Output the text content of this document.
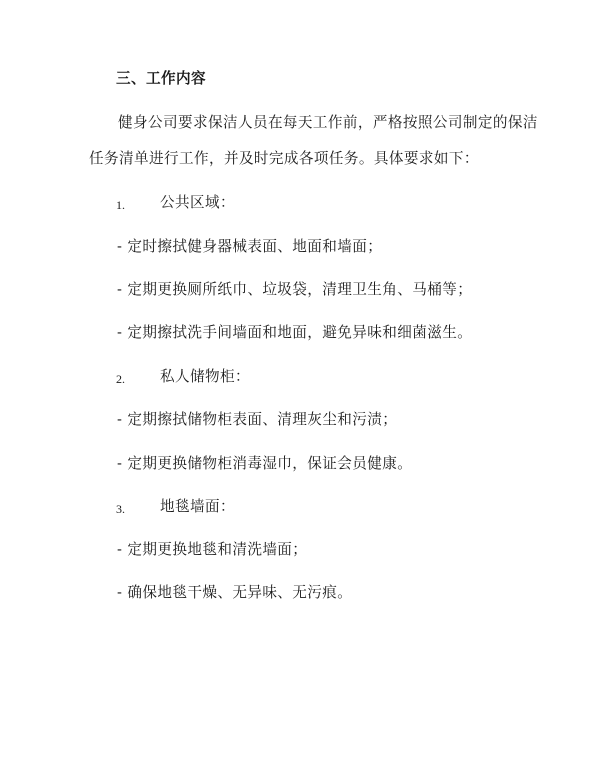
三、工作内容
健身公司要求保洁人员在每天工作前，严格按照公司制定的保洁
任务清单进行工作，并及时完成各项任务。具体要求如下：
1. 公共区域：
- 定时擦拭健身器械表面、地面和墙面；
- 定期更换厕所纸巾、垃圾袋，清理卫生角、马桶等；
- 定期擦拭洗手间墙面和地面，避免异味和细菌滋生。
2. 私人储物柜：
- 定期擦拭储物柜表面、清理灰尘和污渍；
- 定期更换储物柜消毒湿巾，保证会员健康。
3. 地毯墙面：
- 定期更换地毯和清洗墙面；
- 确保地毯干燥、无异味、无污痕。
